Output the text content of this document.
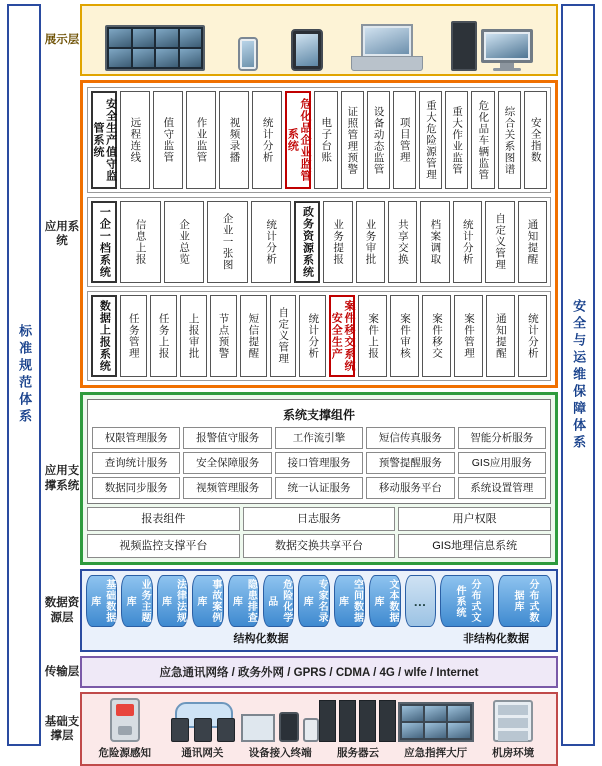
标准规范体系
展示层
应用系统
安全生产值守监管系统	远程连线	值守监管	作业监管	视频录播	统计分析	危化品企业监管系统	电子台账	证照管理预警	设备动态监管	项目管理	重大危险源管理	重大作业监管	危化品车辆监管	综合关系图谱	安全指数
一企一档系统	信息上报	企业总览	企业一张图	统计分析	政务资源系统	业务提报	业务审批	共享交换	档案调取	统计分析	自定义管理	通知提醒
数据上报系统	任务管理	任务上报	上报审批	节点预警	短信提醒	自定义管理	统计分析	案件移交系统安全生产	案件上报	案件审核	案件移交	案件管理	通知提醒	统计分析
应用支撑系统
系统支撑组件
权限管理服务	报警值守服务	工作流引擎	短信传真服务	智能分析服务
查询统计服务	安全保障服务	接口管理服务	预警提醒服务	GIS应用服务
数据同步服务	视频管理服务	统一认证服务	移动服务平台	系统设置管理
报表组件	日志服务	用户权限
视频监控支撑平台	数据交换共享平台	GIS地理信息系统
数据资源层	基础数据库	业务主题库	法律法规库	事故案例库	隐患排查库	危险化学品	专家名录库	空间数据库	文本数据库	…
结构化数据
分布式文件系统	分布式数据库
非结构化数据
传输层	应急通讯网络 / 政务外网 / GPRS / CDMA / 4G / wlfe / Internet
基础支撑层
危险源感知	通讯网关 设备接入终端 服务器云 应急指挥大厅 机房环境
安全与运维保障体系
